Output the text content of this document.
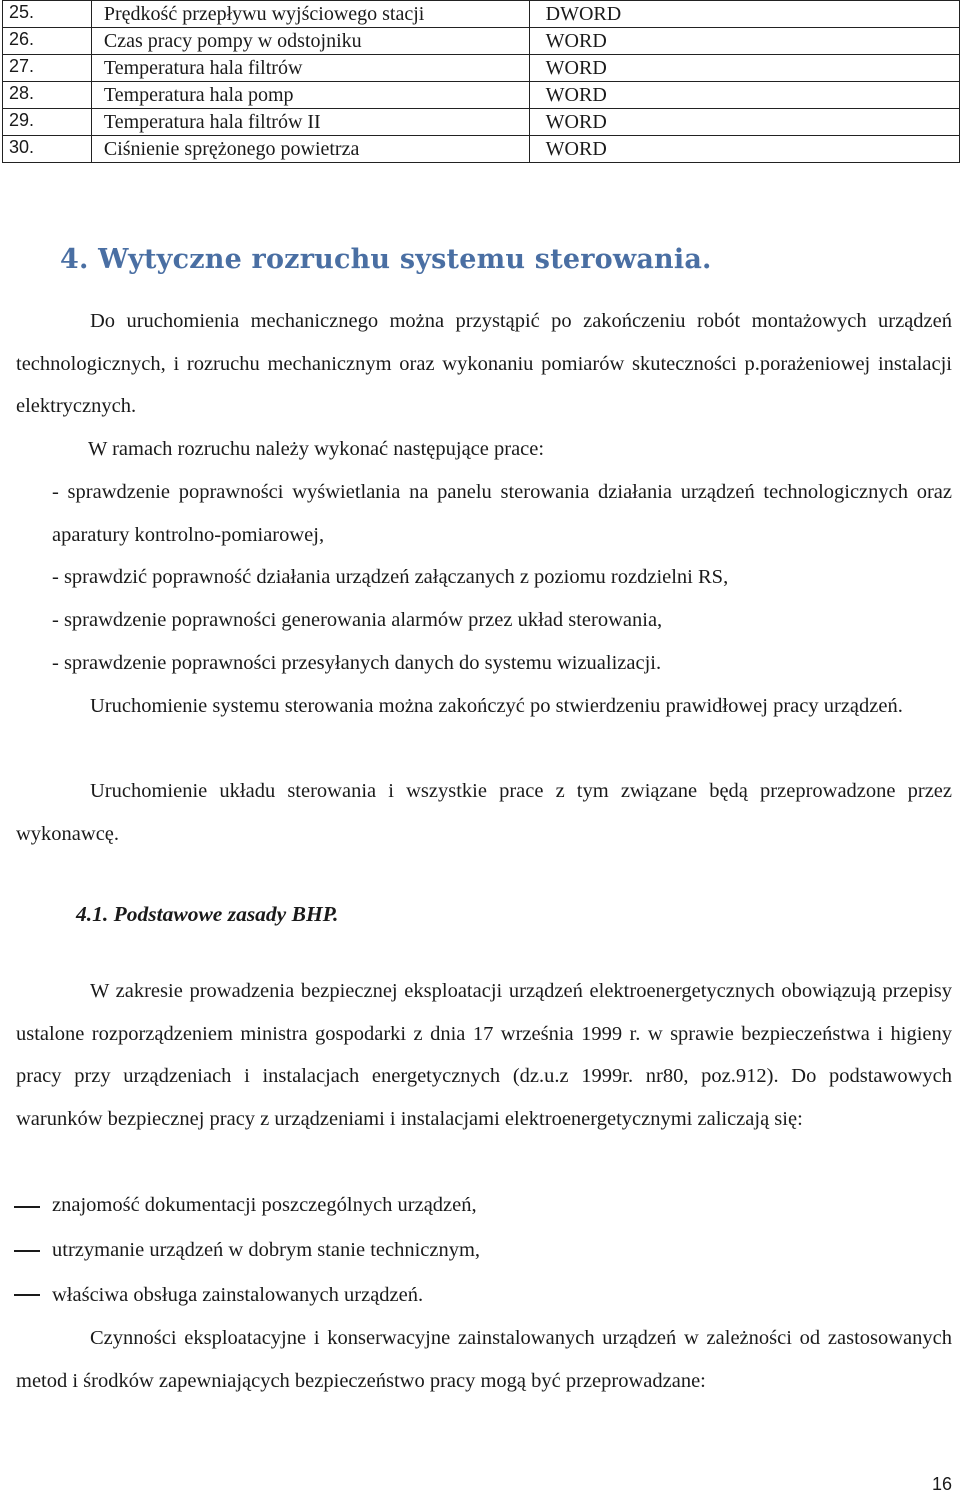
25.	Prędkość przepływu wyjściowego stacji	DWORD
26.	Czas pracy pompy w odstojniku	WORD
27.	Temperatura hala filtrów	WORD
28.	Temperatura hala pomp	WORD
29.	Temperatura hala filtrów II	WORD
30.	Ciśnienie sprężonego powietrza	WORD
4. Wytyczne rozruchu systemu sterowania.

Do uruchomienia mechanicznego można przystąpić po zakończeniu robót montażowych urządzeń technologicznych, i rozruchu mechanicznym oraz wykonaniu pomiarów skuteczności p.porażeniowej instalacji elektrycznych.

W ramach rozruchu należy wykonać następujące prace:

- sprawdzenie poprawności wyświetlania na panelu sterowania działania urządzeń technologicznych oraz aparatury kontrolno-pomiarowej,

- sprawdzić poprawność działania urządzeń załączanych z poziomu rozdzielni RS,

- sprawdzenie poprawności generowania alarmów przez układ sterowania,

- sprawdzenie poprawności przesyłanych danych do systemu wizualizacji.

Uruchomienie systemu sterowania można zakończyć po stwierdzeniu prawidłowej pracy urządzeń.

Uruchomienie układu sterowania i wszystkie prace z tym związane będą przeprowadzone przez wykonawcę.

4.1. Podstawowe zasady BHP.

W zakresie prowadzenia bezpiecznej eksploatacji urządzeń elektroenergetycznych obowiązują przepisy ustalone rozporządzeniem ministra gospodarki z dnia 17 września 1999 r. w sprawie bezpieczeństwa i higieny pracy przy urządzeniach i instalacjach energetycznych (dz.u.z 1999r. nr80, poz.912). Do podstawowych warunków bezpiecznej pracy z urządzeniami i instalacjami elektroenergetycznymi zaliczają się:

znajomość dokumentacji poszczególnych urządzeń,

utrzymanie urządzeń w dobrym stanie technicznym,

właściwa obsługa zainstalowanych urządzeń.

Czynności eksploatacyjne i konserwacyjne zainstalowanych urządzeń w zależności od zastosowanych metod i środków zapewniających bezpieczeństwo pracy mogą być przeprowadzane:

16
